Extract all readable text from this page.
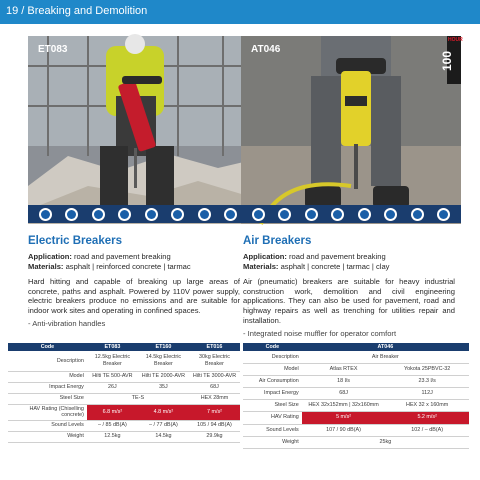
19 / Breaking and Demolition
ET083	AT046
HOUR
100
Electric Breakers
Application: road and pavement breaking
Materials: asphalt | reinforced concrete | tarmac
Hard hitting and capable of breaking up large areas of concrete, paths and asphalt. Powered by 110V power supply, electric breakers produce no emissions and are suitable for indoor work sites and operating in confined spaces.
- Anti-vibration handles
Air Breakers
Application: road and pavement breaking
Materials: asphalt | concrete | tarmac | clay
Air (pneumatic) breakers are suitable for heavy industrial construction work, demolition and civil engineering applications. They can also be used for pavement, road and highway repairs as well as trenching for utilities repair and installation.
- Integrated noise muffler for operator comfort
Code	ET083	ET160	ET016
Description	12.5kg Electric Breaker	14.5kg Electric Breaker	30kg Electric Breaker
Model	Hilti TE 500-AVR	Hilti TE 2000-AVR	Hilti TE 3000-AVR
Impact Energy	26J	35J	68J
Steel Size	TE-S		HEX 28mm
HAV Rating (Chiselling concrete)	6.8 m/s²	4.8 m/s²	7 m/s²
Sound Levels	– / 85 dB(A)	– / 77 dB(A)	105 / 94 dB(A)
Weight	12.5kg	14.5kg	29.9kg
Code	AT046	
Description	Air Breaker	
Model	Atlas RTEX	Yokota 25PBVC-32
Air Consumption	18 l/s	23.3 l/s
Impact Energy	68J	112J
Steel Size	HEX 32x152mm | 32x160mm	HEX 32 x 160mm
HAV Rating	5 m/s²	5.2 m/s²
Sound Levels	107 / 90 dB(A)	102 / – dB(A)
Weight	25kg	
